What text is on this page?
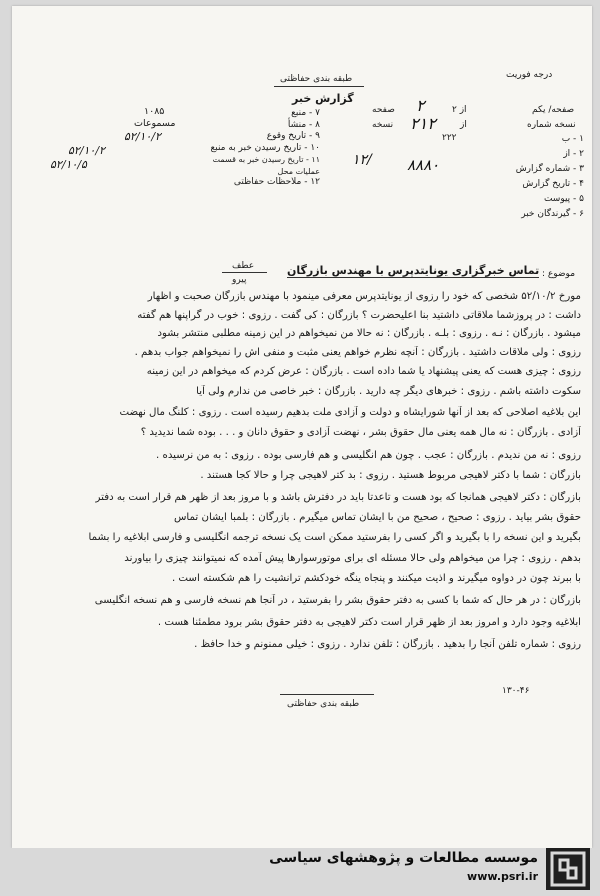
طبقه بندی حفاظتی
گزارش خبر
درجه فوریت
صفحه/ یکم
از ۲
صفحه ۲
نسخه شماره
از
نسخه ۲۱۲
۲۲۲	۱ - ب
۲ - از
۳ - شماره گزارش
۴ - تاریخ گزارش
۵ - پیوست
۶ - گیرندگان خبر
۸۸۸۰
۱۲/
۷ - منبع
۸ - منشأ
۹ - تاریخ وقوع
۱۰ - تاریخ رسیدن خبر به منبع
۱۱ - تاریخ رسیدن خبر به قسمت عملیات محل
۱۲ - ملاحظات حفاظتی
۱۰۸۵
مسموعات
۵۲/۱۰/۲
۵۲/۱۰/۲
۵۲/۱۰/۵
عطف
پیرو
موضوع :
تماس خبرگزاری یونایتدپرس با مهندس بازرگان
مورخ ۵۲/۱۰/۲ شخصی که خود را رزوی از یونایتدپرس معرفی مینمود با مهندس بازرگان صحبت و اظهار
داشت : در پروزشما ملاقاتی داشتید بنا اعلیحضرت ؟ بازرگان : کی گفت . رزوی : خوب در گراپنها هم گفته
میشود . بازرگان : نـه . رزوی : بلـه . بازرگان : نه حالا من نمیخواهم در این زمینه مطلبی منتشر بشود
رزوی : ولی ملاقات داشتید . بازرگان : آنچه نظرم خواهم یعنی مثبت و منفی اش را نمیخواهم جواب بدهم .
رزوی : چیزی هست که یعنی پیشنهاد یا شما داده است . بازرگان : عرض کردم که میخواهم در این زمینه
سکوت داشته باشم . رزوی : خبرهای دیگر چه دارید . بازرگان : خبر خاصی من ندارم ولی آیا
این بلاغیه اصلاحی که بعد از آنها شورایشاه و دولت و آزادی ملت بدهیم رسیده است . رزوی : کلنگ مال نهضت
آزادی . بازرگان : نه مال همه یعنی مال حقوق بشر ، نهضت آزادی و حقوق دانان و . . . بوده شما ندیدید ؟
رزوی : نه من ندیدم . بازرگان : عجب . چون هم انگلیسی و هم فارسی بوده . رزوی : به من نرسیده .
بازرگان : شما با دکتر لاهیجی مربوط هستید . رزوی : بد کتر لاهیجی چرا و حالا کجا هستند .
بازرگان : دکتر لاهیجی همانجا که بود هست و تاعدتا باید در دفترش باشد و با مروز بعد از ظهر هم قرار است به دفتر
حقوق بشر بیاید . رزوی : صحیح ، صحیح من با ایشان تماس میگیرم . بازرگان : بلمبا ایشان تماس
بگیرید و این نسخه را با بگیرید و اگر کسی را بفرستید ممکن است یک نسخه ترجمه انگلیسی و فارسی ابلاغیه را بشما
بدهم . رزوی : چرا من میخواهم ولی حالا مسئله ای برای موتورسوارها پیش آمده که نمیتوانند چیزی را بیاورند
با ببرند چون در دواوه میگیرند و اذیت میکنند و پنجاه ینگه خودکشم ترانشیت را هم شکسته است .
بازرگان : در هر حال که شما با کسی به دفتر حقوق بشر را بفرستید ، در آنجا هم نسخه فارسی و هم نسخه انگلیسی
ابلاغیه وجود دارد و امروز بعد از ظهر قرار است دکتر لاهیجی به دفتر حقوق بشر برود مطمئنا هست .
رزوی : شماره تلفن آنجا را بدهید . بازرگان : تلفن ندارد . رزوی : خیلی ممنونم و خدا حافظ .
۱۳۰-۴۶
طبقه بندی حفاظتی
موسسه مطالعات و پژوهشهای سیاسی
www.psri.ir
